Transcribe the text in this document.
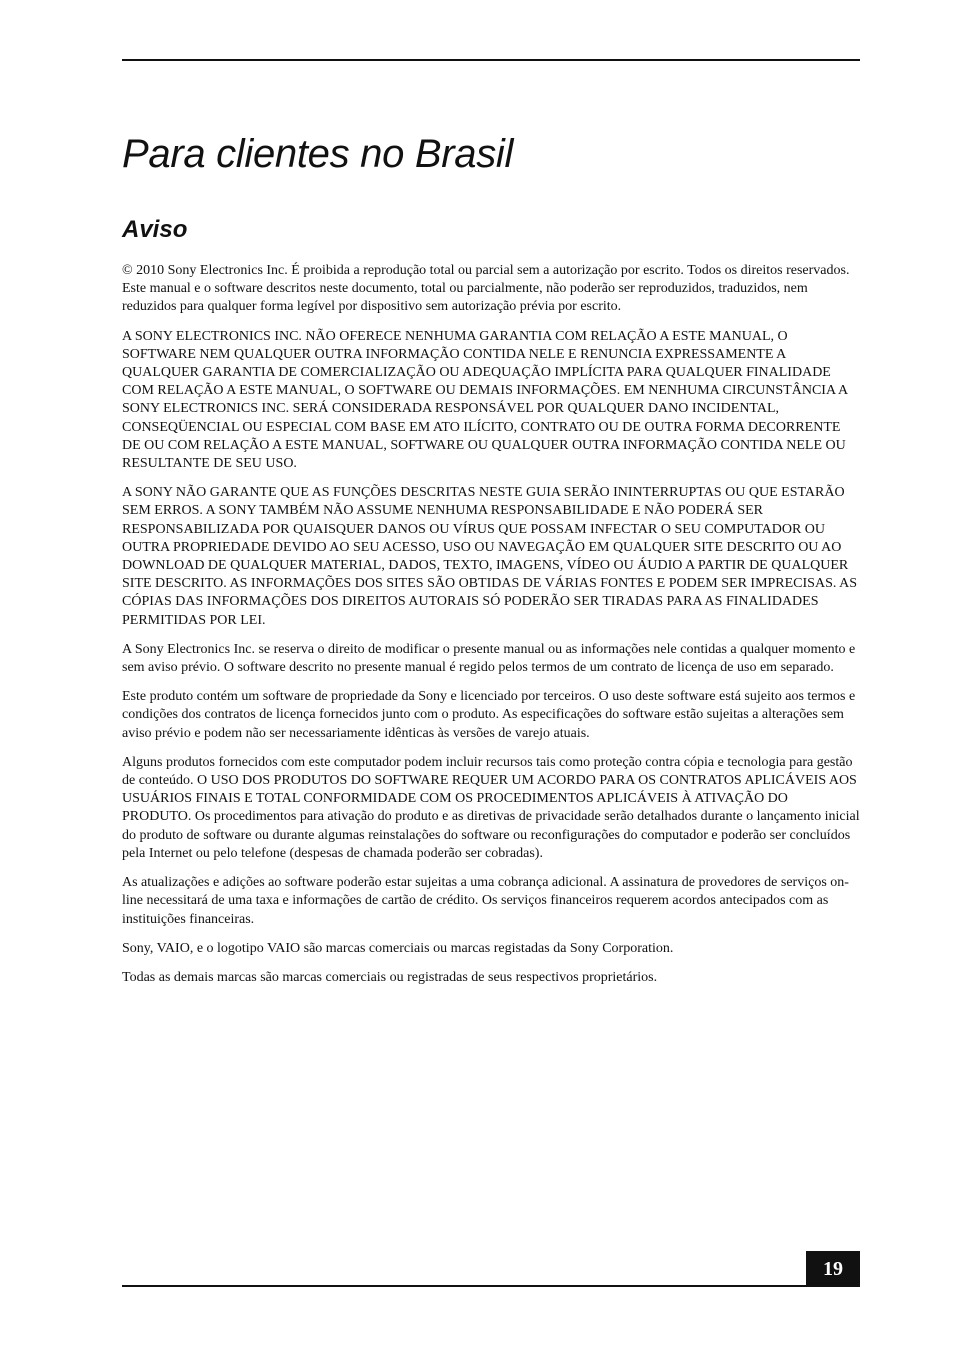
Para clientes no Brasil
Aviso

© 2010 Sony Electronics Inc. É proibida a reprodução total ou parcial sem a autorização por escrito. Todos os direitos reservados. Este manual e o software descritos neste documento, total ou parcialmente, não poderão ser reproduzidos, traduzidos, nem reduzidos para qualquer forma legível por dispositivo sem autorização prévia por escrito.

A SONY ELECTRONICS INC. NÃO OFERECE NENHUMA GARANTIA COM RELAÇÃO A ESTE MANUAL, O SOFTWARE NEM QUALQUER OUTRA INFORMAÇÃO CONTIDA NELE E RENUNCIA EXPRESSAMENTE A QUALQUER GARANTIA DE COMERCIALIZAÇÃO OU ADEQUAÇÃO IMPLÍCITA PARA QUALQUER FINALIDADE COM RELAÇÃO A ESTE MANUAL, O SOFTWARE OU DEMAIS INFORMAÇÕES. EM NENHUMA CIRCUNSTÂNCIA A SONY ELECTRONICS INC. SERÁ CONSIDERADA RESPONSÁVEL POR QUALQUER DANO INCIDENTAL, CONSEQÜENCIAL OU ESPECIAL COM BASE EM ATO ILÍCITO, CONTRATO OU DE OUTRA FORMA DECORRENTE DE OU COM RELAÇÃO A ESTE MANUAL, SOFTWARE OU QUALQUER OUTRA INFORMAÇÃO CONTIDA NELE OU RESULTANTE DE SEU USO.

A SONY NÃO GARANTE QUE AS FUNÇÕES DESCRITAS NESTE GUIA SERÃO ININTERRUPTAS OU QUE ESTARÃO SEM ERROS. A SONY TAMBÉM NÃO ASSUME NENHUMA RESPONSABILIDADE E NÃO PODERÁ SER RESPONSABILIZADA POR QUAISQUER DANOS OU VÍRUS QUE POSSAM INFECTAR O SEU COMPUTADOR OU OUTRA PROPRIEDADE DEVIDO AO SEU ACESSO, USO OU NAVEGAÇÃO EM QUALQUER SITE DESCRITO OU AO DOWNLOAD DE QUALQUER MATERIAL, DADOS, TEXTO, IMAGENS, VÍDEO OU ÁUDIO A PARTIR DE QUALQUER SITE DESCRITO. AS INFORMAÇÕES DOS SITES SÃO OBTIDAS DE VÁRIAS FONTES E PODEM SER IMPRECISAS. AS CÓPIAS DAS INFORMAÇÕES DOS DIREITOS AUTORAIS SÓ PODERÃO SER TIRADAS PARA AS FINALIDADES PERMITIDAS POR LEI.

A Sony Electronics Inc. se reserva o direito de modificar o presente manual ou as informações nele contidas a qualquer momento e sem aviso prévio. O software descrito no presente manual é regido pelos termos de um contrato de licença de uso em separado.

Este produto contém um software de propriedade da Sony e licenciado por terceiros. O uso deste software está sujeito aos termos e condições dos contratos de licença fornecidos junto com o produto. As especificações do software estão sujeitas a alterações sem aviso prévio e podem não ser necessariamente idênticas às versões de varejo atuais.

Alguns produtos fornecidos com este computador podem incluir recursos tais como proteção contra cópia e tecnologia para gestão de conteúdo. O USO DOS PRODUTOS DO SOFTWARE REQUER UM ACORDO PARA OS CONTRATOS APLICÁVEIS AOS USUÁRIOS FINAIS E TOTAL CONFORMIDADE COM OS PROCEDIMENTOS APLICÁVEIS À ATIVAÇÃO DO PRODUTO. Os procedimentos para ativação do produto e as diretivas de privacidade serão detalhados durante o lançamento inicial do produto de software ou durante algumas reinstalações do software ou reconfigurações do computador e poderão ser concluídos pela Internet ou pelo telefone (despesas de chamada poderão ser cobradas).

As atualizações e adições ao software poderão estar sujeitas a uma cobrança adicional. A assinatura de provedores de serviços on-line necessitará de uma taxa e informações de cartão de crédito. Os serviços financeiros requerem acordos antecipados com as instituições financeiras.

Sony, VAIO, e o logotipo VAIO são marcas comerciais ou marcas registadas da Sony Corporation.

Todas as demais marcas são marcas comerciais ou registradas de seus respectivos proprietários.

19
